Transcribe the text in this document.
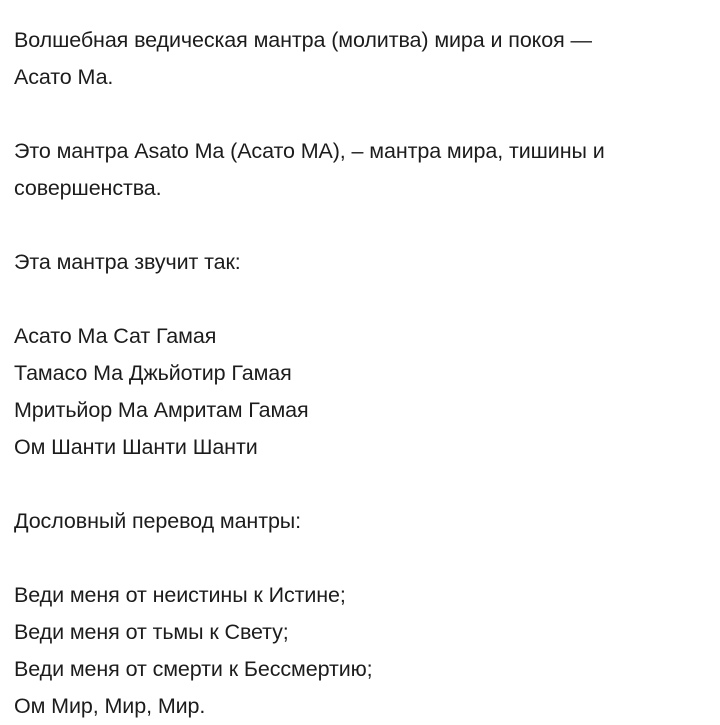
Волшебная ведическая мантра (молитва) мира и покоя —
Асато Ма.
Это мантра Asato Ma (Асато МА), – мантра мира, тишины и
совершенства.
Эта мантра звучит так:
Асато Ма Сат Гамая
Тамасо Ма Джьйотир Гамая
Мритьйор Ма Амритам Гамая
Ом Шанти Шанти Шанти
Дословный перевод мантры:
Веди меня от неистины к Истине;
Веди меня от тьмы к Свету;
Веди меня от смерти к Бессмертию;
Ом Мир, Мир, Мир.
